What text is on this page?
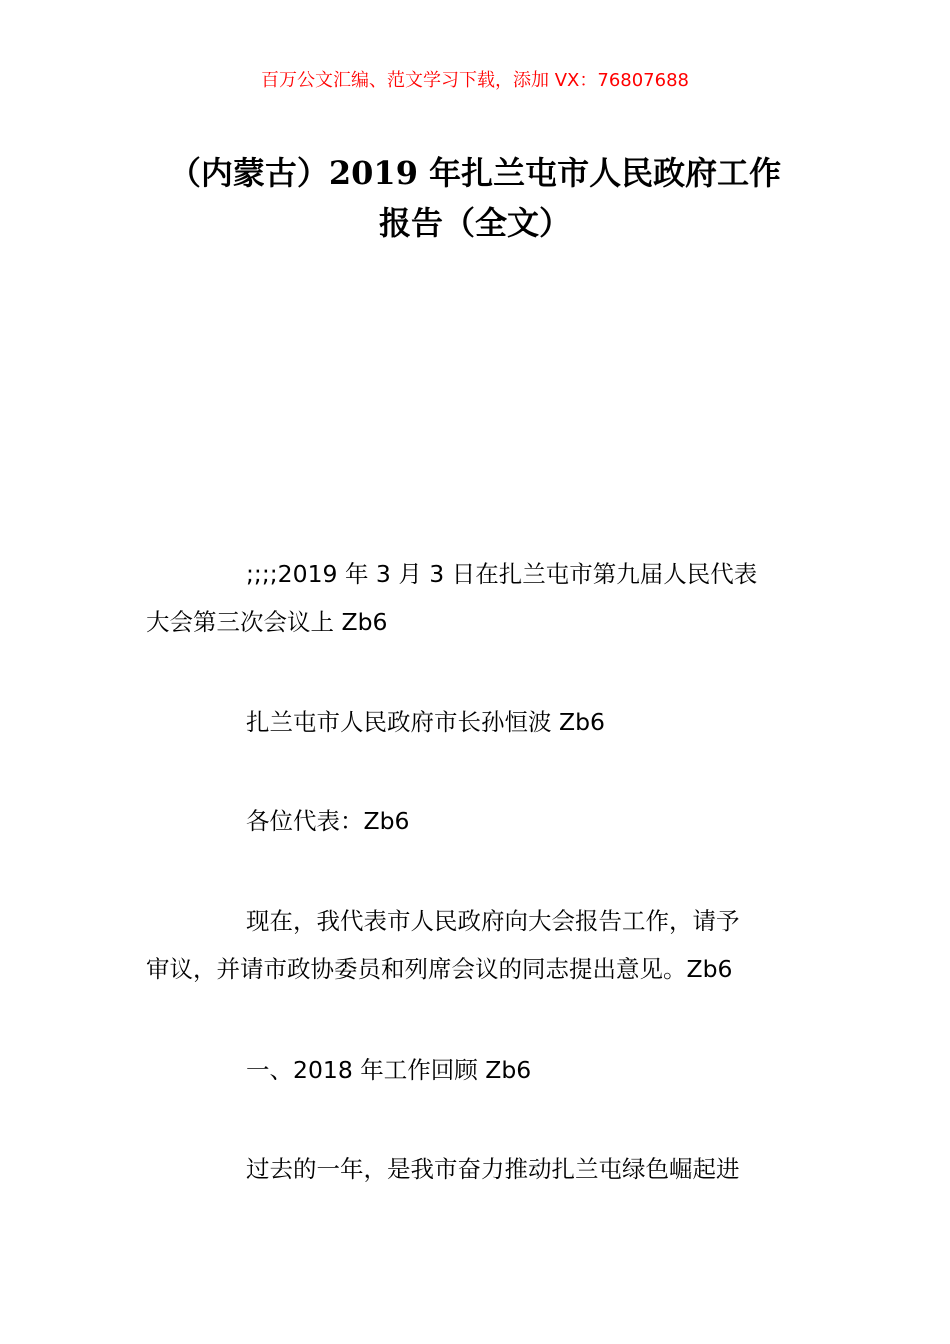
百万公文汇编、范文学习下载，添加 VX：76807688
（内蒙古）2019 年扎兰屯市人民政府工作
报告（全文）

;;;;2019 年 3 月 3 日在扎兰屯市第九届人民代表
大会第三次会议上 Zb6

扎兰屯市人民政府市长孙恒波 Zb6

各位代表：Zb6

现在，我代表市人民政府向大会报告工作，请予
审议，并请市政协委员和列席会议的同志提出意见。Zb6

一、2018 年工作回顾 Zb6

过去的一年，是我市奋力推动扎兰屯绿色崛起进
